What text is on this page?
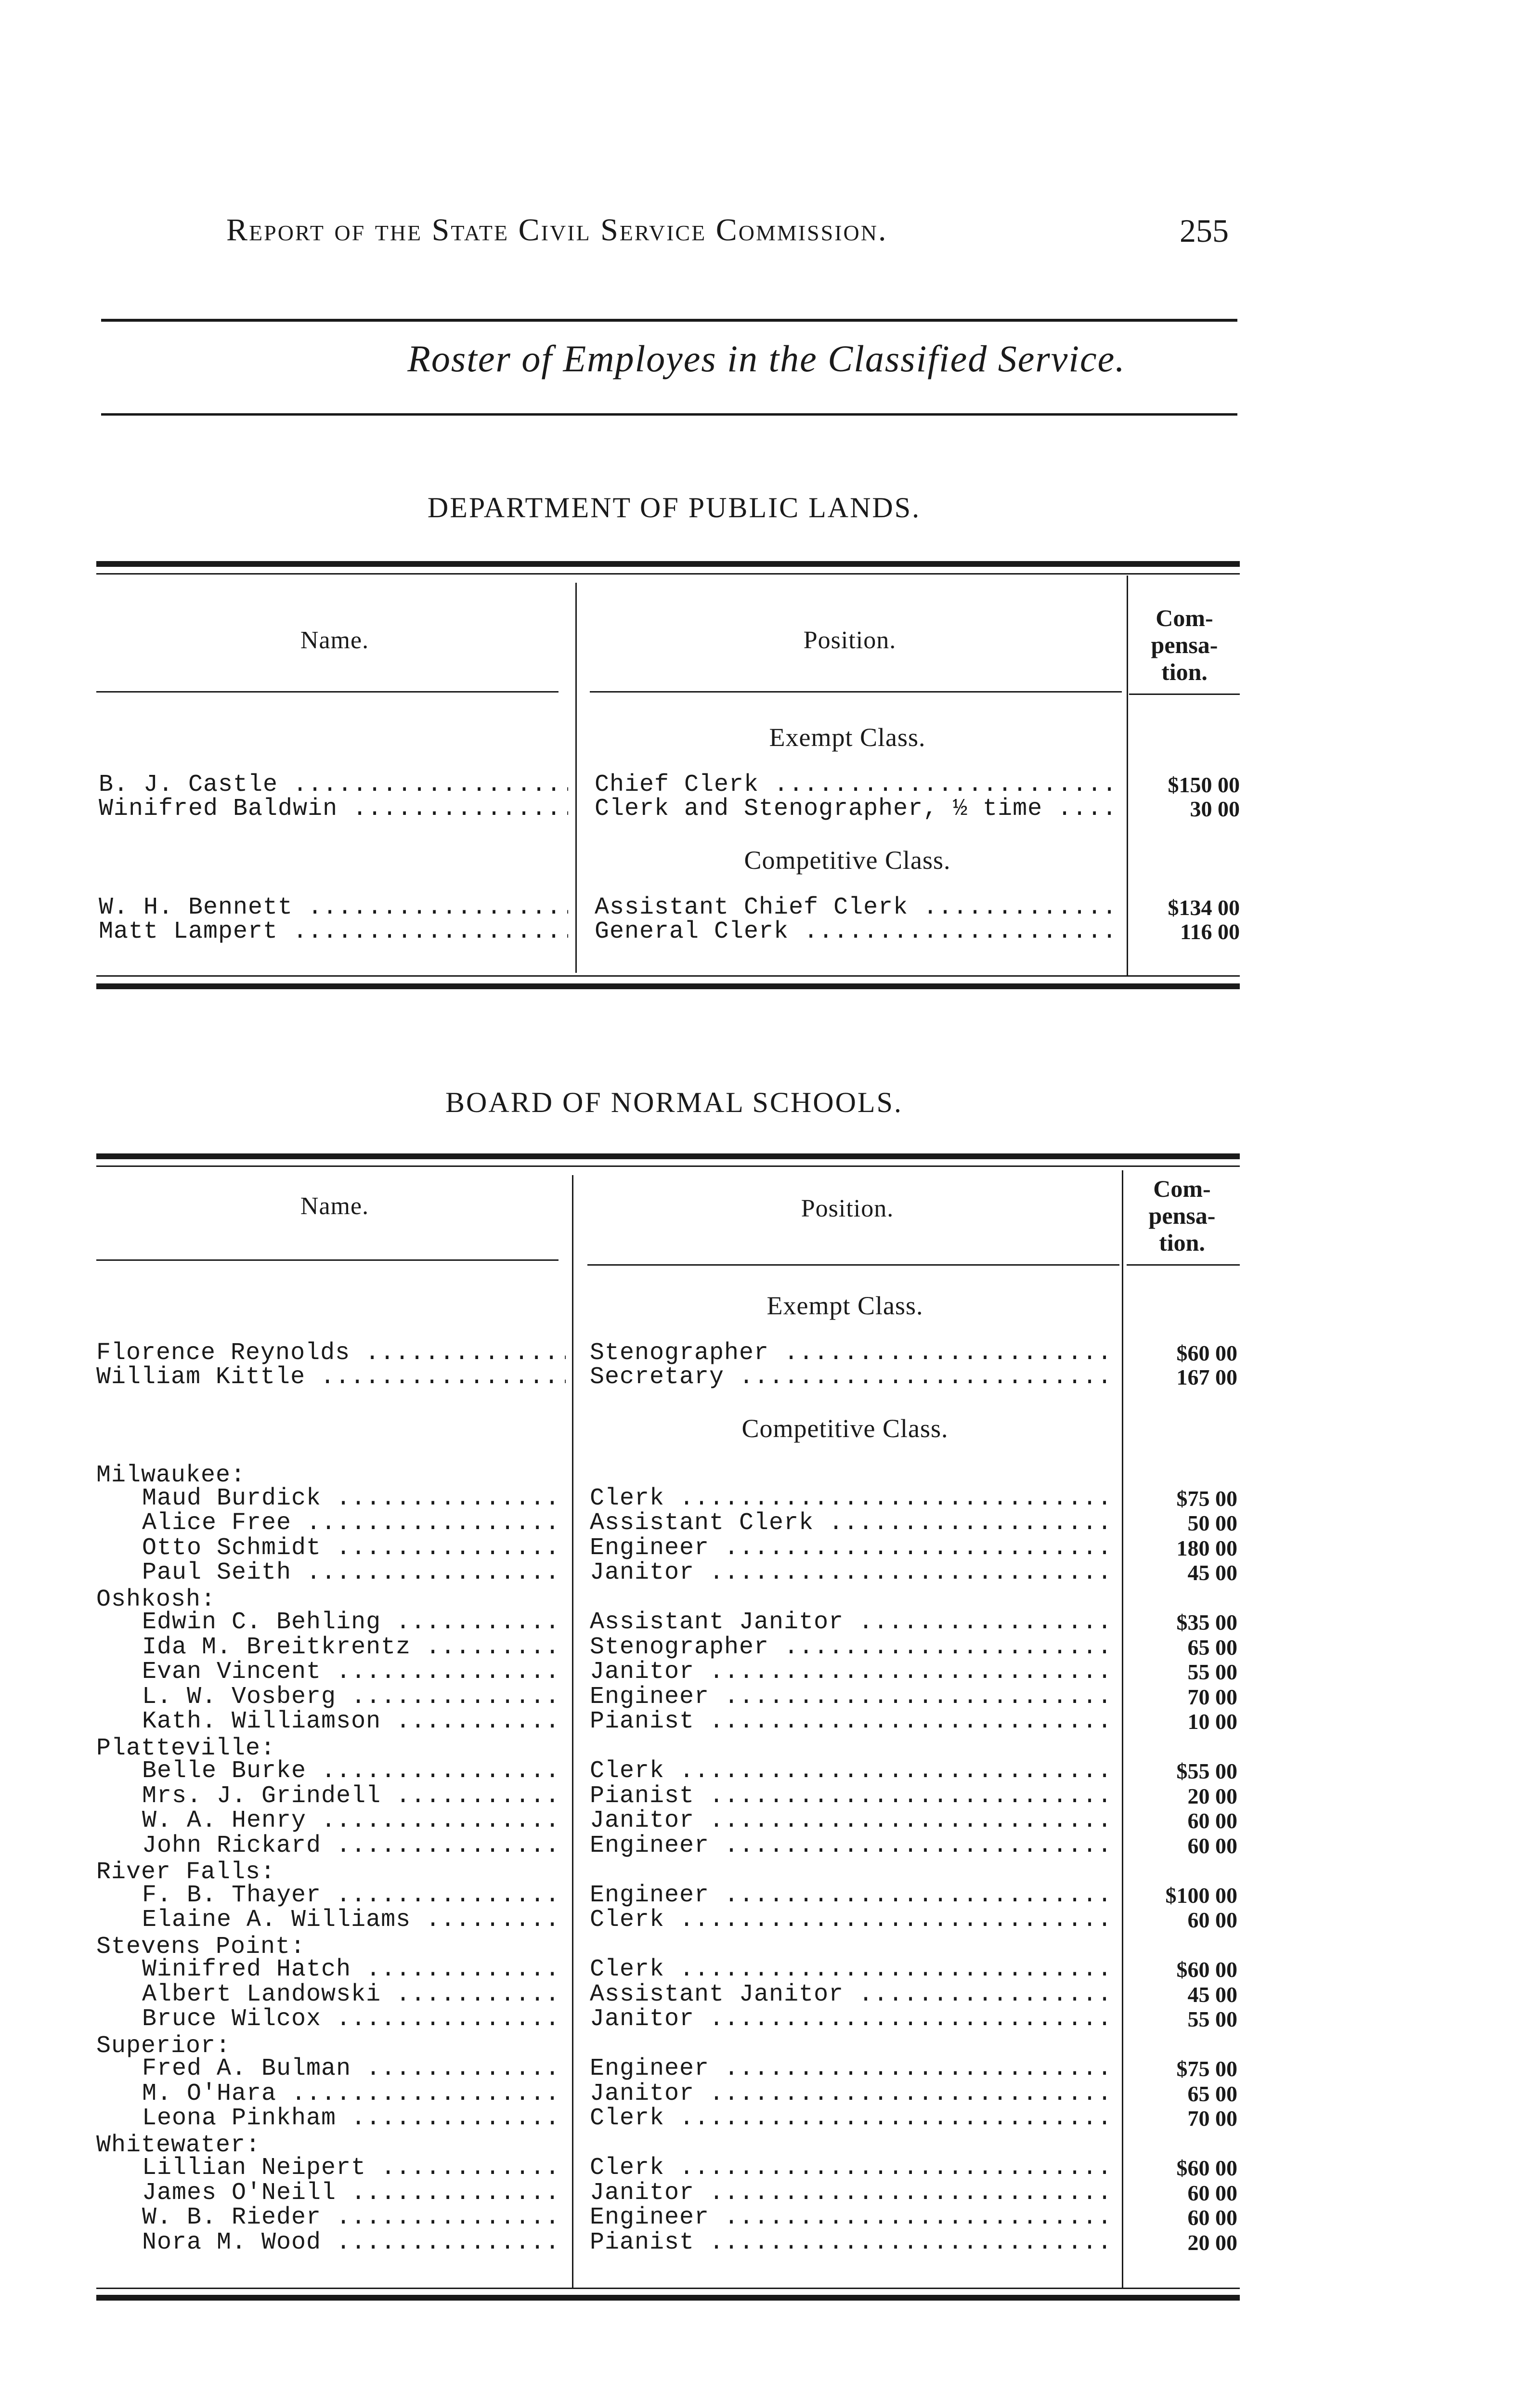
Report of the State Civil Service Commission.	255
Roster of Employes in the Classified Service.
DEPARTMENT OF PUBLIC LANDS.
Name.	Position.
Com-
pensa-
tion.
Exempt Class.
B. J. Castle .....	Chief Clerk .....	$150 00
Winifred Baldwin .....	Clerk and Stenographer, ½ time .....	30 00
Competitive Class.
W. H. Bennett .....	Assistant Chief Clerk .....	$134 00
Matt Lampert .....	General Clerk .....	116 00
BOARD OF NORMAL SCHOOLS.
Name.	Position.
Com-
pensa-
tion.
Exempt Class.
Florence Reynolds .....	Stenographer .....	$60 00
William Kittle .....	Secretary .....	167 00
Competitive Class.
Milwaukee:
Maud Burdick .....	Clerk .....	$75 00
Alice Free .....	Assistant Clerk .....	50 00
Otto Schmidt .....	Engineer .....	180 00
Paul Seith .....	Janitor .....	45 00
Oshkosh:
Edwin C. Behling .....	Assistant Janitor .....	$35 00
Ida M. Breitkrentz .....	Stenographer .....	65 00
Evan Vincent .....	Janitor .....	55 00
L. W. Vosberg .....	Engineer .....	70 00
Kath. Williamson .....	Pianist .....	10 00
Platteville:
Belle Burke .....	Clerk .....	$55 00
Mrs. J. Grindell .....	Pianist .....	20 00
W. A. Henry .....	Janitor .....	60 00
John Rickard .....	Engineer .....	60 00
River Falls:
F. B. Thayer .....	Engineer .....	$100 00
Elaine A. Williams .....	Clerk .....	60 00
Stevens Point:
Winifred Hatch .....	Clerk .....	$60 00
Albert Landowski .....	Assistant Janitor .....	45 00
Bruce Wilcox .....	Janitor .....	55 00
Superior:
Fred A. Bulman .....	Engineer .....	$75 00
M. O'Hara .....	Janitor .....	65 00
Leona Pinkham .....	Clerk .....	70 00
Whitewater:
Lillian Neipert .....	Clerk .....	$60 00
James O'Neill .....	Janitor .....	60 00
W. B. Rieder .....	Engineer .....	60 00
Nora M. Wood .....	Pianist .....	20 00
